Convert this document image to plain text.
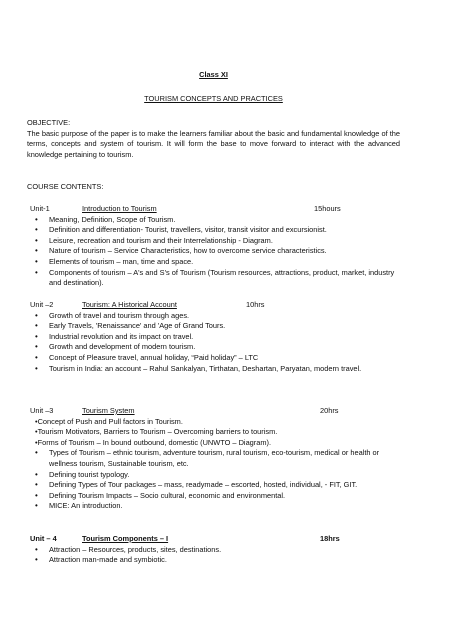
Class XI
TOURISM CONCEPTS AND PRACTICES
OBJECTIVE:
The basic purpose of the paper is to make the learners familiar about the basic and fundamental knowledge of the terms, concepts and system of tourism. It will form the base to move forward to interact with the advanced knowledge pertaining to tourism.
COURSE CONTENTS:
Unit-1	Introduction to Tourism	15hours
• Meaning, Definition, Scope of Tourism.
• Definition and differentiation- Tourist, travellers, visitor, transit visitor and excursionist.
• Leisure, recreation and tourism and their Interrelationship - Diagram.
• Nature of tourism – Service Characteristics, how to overcome service characteristics.
• Elements of tourism – man, time and space.
• Components of tourism – A's and S's of Tourism (Tourism resources, attractions, product, market, industry and destination).
Unit –2	Tourism: A Historical Account	10hrs
• Growth of travel and tourism through ages.
• Early Travels, 'Renaissance' and 'Age of Grand Tours.
• Industrial revolution and its impact on travel.
• Growth and development of modern tourism.
• Concept of Pleasure travel, annual holiday, “Paid holiday” – LTC
• Tourism in India: an account – Rahul Sankalyan, Tirthatan, Deshartan, Paryatan, modern travel.
Unit –3	Tourism System	20hrs
• Concept of Push and Pull factors in Tourism.
• Tourism Motivators, Barriers to Tourism – Overcoming barriers to tourism.
• Forms of Tourism – In bound outbound, domestic (UNWTO – Diagram).
• Types of Tourism – ethnic tourism, adventure tourism, rural tourism, eco-tourism, medical or health or wellness tourism, Sustainable tourism, etc.
• Defining tourist typology.
• Defining Types of Tour packages – mass, readymade – escorted, hosted, individual, - FIT, GIT.
• Defining Tourism Impacts – Socio cultural, economic and environmental.
• MICE: An introduction.
Unit – 4	Tourism Components – I	18hrs
• Attraction – Resources, products, sites, destinations.
• Attraction man-made and symbiotic.
